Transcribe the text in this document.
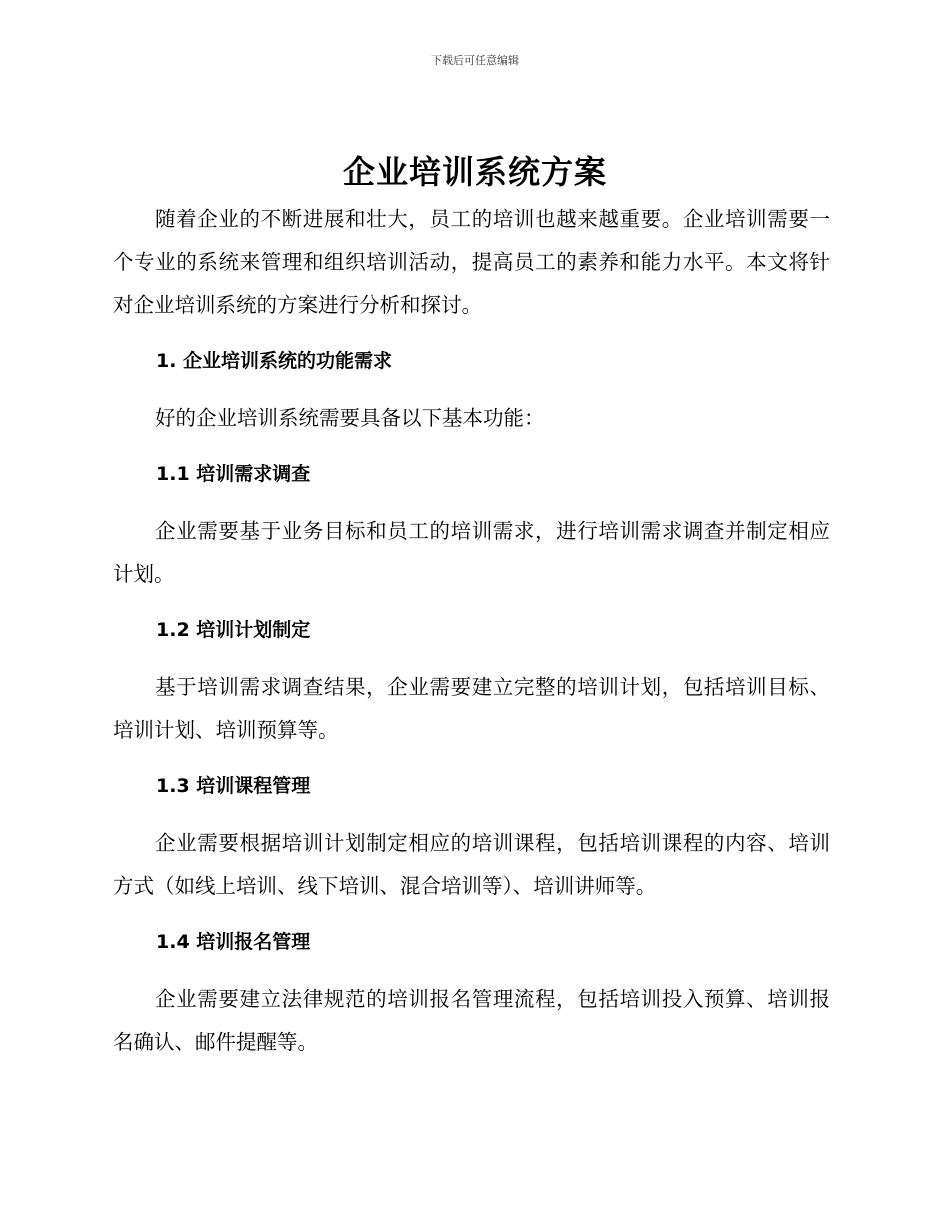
下载后可任意编辑
企业培训系统方案

随着企业的不断进展和壮大，员工的培训也越来越重要。企业培训需要一个专业的系统来管理和组织培训活动，提高员工的素养和能力水平。本文将针对企业培训系统的方案进行分析和探讨。

1. 企业培训系统的功能需求

好的企业培训系统需要具备以下基本功能：

1.1 培训需求调查

企业需要基于业务目标和员工的培训需求，进行培训需求调查并制定相应计划。

1.2 培训计划制定

基于培训需求调查结果，企业需要建立完整的培训计划，包括培训目标、培训计划、培训预算等。

1.3 培训课程管理

企业需要根据培训计划制定相应的培训课程，包括培训课程的内容、培训方式（如线上培训、线下培训、混合培训等）、培训讲师等。

1.4 培训报名管理

企业需要建立法律规范的培训报名管理流程，包括培训投入预算、培训报名确认、邮件提醒等。
